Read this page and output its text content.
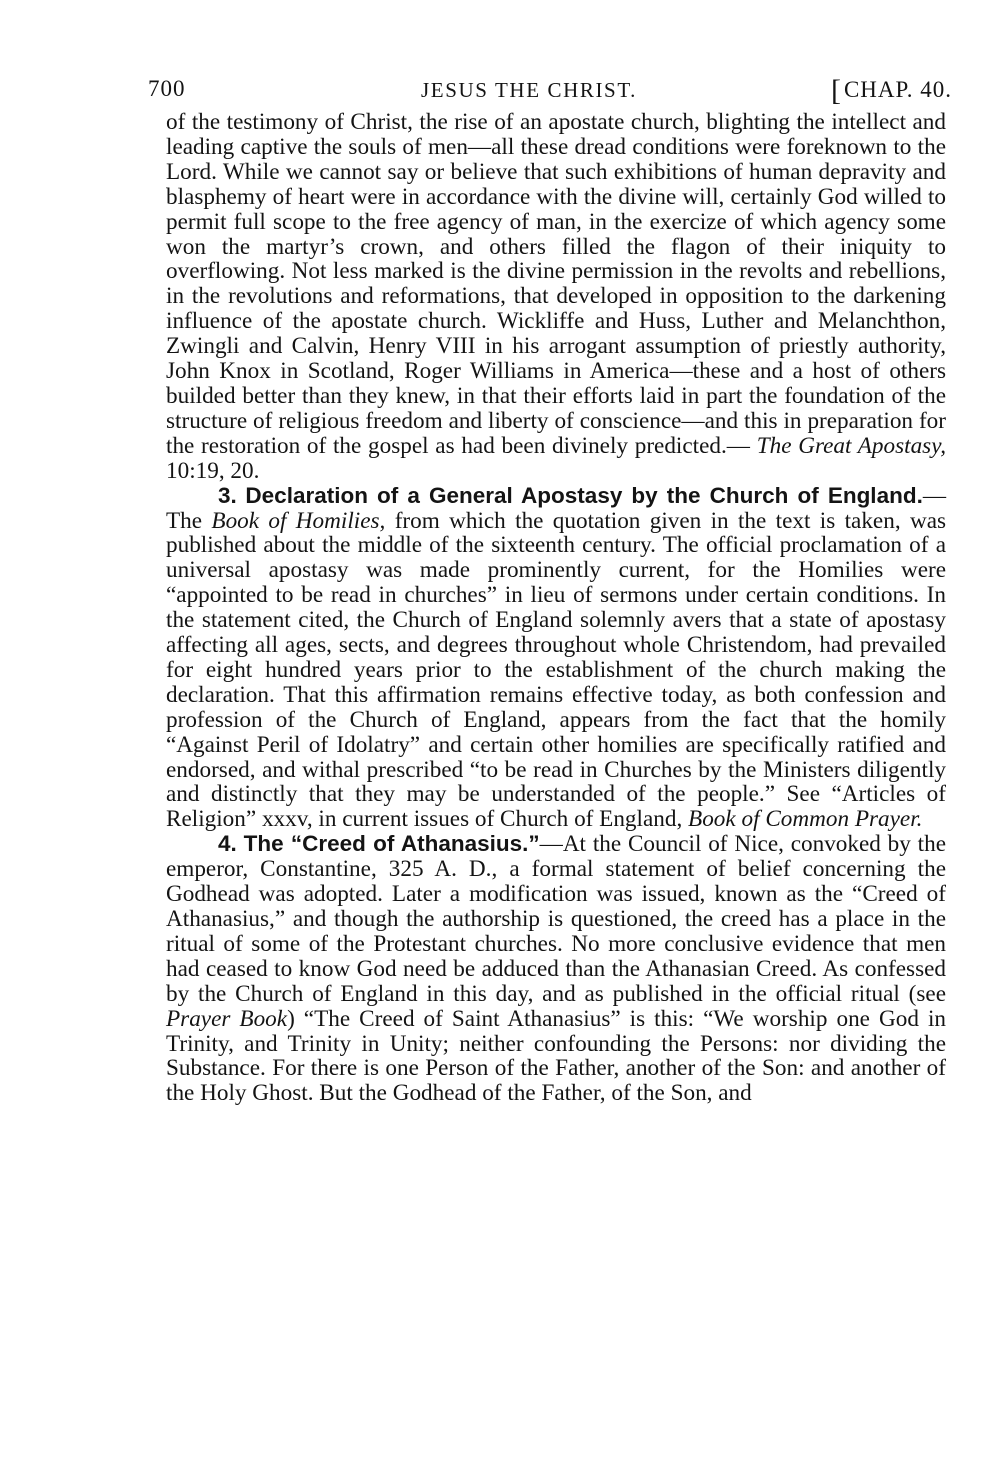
700	JESUS THE CHRIST.	[CHAP. 40.

of the testimony of Christ, the rise of an apostate church, blighting the intellect and leading captive the souls of men—all these dread conditions were foreknown to the Lord. While we cannot say or believe that such exhibitions of human depravity and blasphemy of heart were in accordance with the divine will, certainly God willed to permit full scope to the free agency of man, in the exercize of which agency some won the martyr’s crown, and others filled the flagon of their iniquity to overflowing. Not less marked is the divine permission in the revolts and rebellions, in the revolutions and reformations, that developed in opposition to the darkening influence of the apostate church. Wickliffe and Huss, Luther and Melanchthon, Zwingli and Calvin, Henry VIII in his arrogant assumption of priestly authority, John Knox in Scotland, Roger Williams in America—these and a host of others builded better than they knew, in that their efforts laid in part the foundation of the structure of religious freedom and liberty of conscience—and this in preparation for the restoration of the gospel as had been divinely predicted.— The Great Apostasy, 10:19, 20.

3. Declaration of a General Apostasy by the Church of England.—The Book of Homilies, from which the quotation given in the text is taken, was published about the middle of the sixteenth century. The official proclamation of a universal apostasy was made prominently current, for the Homilies were “appointed to be read in churches” in lieu of sermons under certain conditions. In the statement cited, the Church of England solemnly avers that a state of apostasy affecting all ages, sects, and degrees throughout whole Christendom, had prevailed for eight hundred years prior to the establishment of the church making the declaration. That this affirmation remains effective today, as both confession and profession of the Church of England, appears from the fact that the homily “Against Peril of Idolatry” and certain other homilies are specifically ratified and endorsed, and withal prescribed “to be read in Churches by the Ministers diligently and distinctly that they may be understanded of the people.” See “Articles of Religion” xxxv, in current issues of Church of England, Book of Common Prayer.

4. The “Creed of Athanasius.”—At the Council of Nice, convoked by the emperor, Constantine, 325 A. D., a formal statement of belief concerning the Godhead was adopted. Later a modification was issued, known as the “Creed of Athanasius,” and though the authorship is questioned, the creed has a place in the ritual of some of the Protestant churches. No more conclusive evidence that men had ceased to know God need be adduced than the Athanasian Creed. As confessed by the Church of England in this day, and as published in the official ritual (see Prayer Book) “The Creed of Saint Athanasius” is this: “We worship one God in Trinity, and Trinity in Unity; neither confounding the Persons: nor dividing the Substance. For there is one Person of the Father, another of the Son: and another of the Holy Ghost. But the Godhead of the Father, of the Son, and
